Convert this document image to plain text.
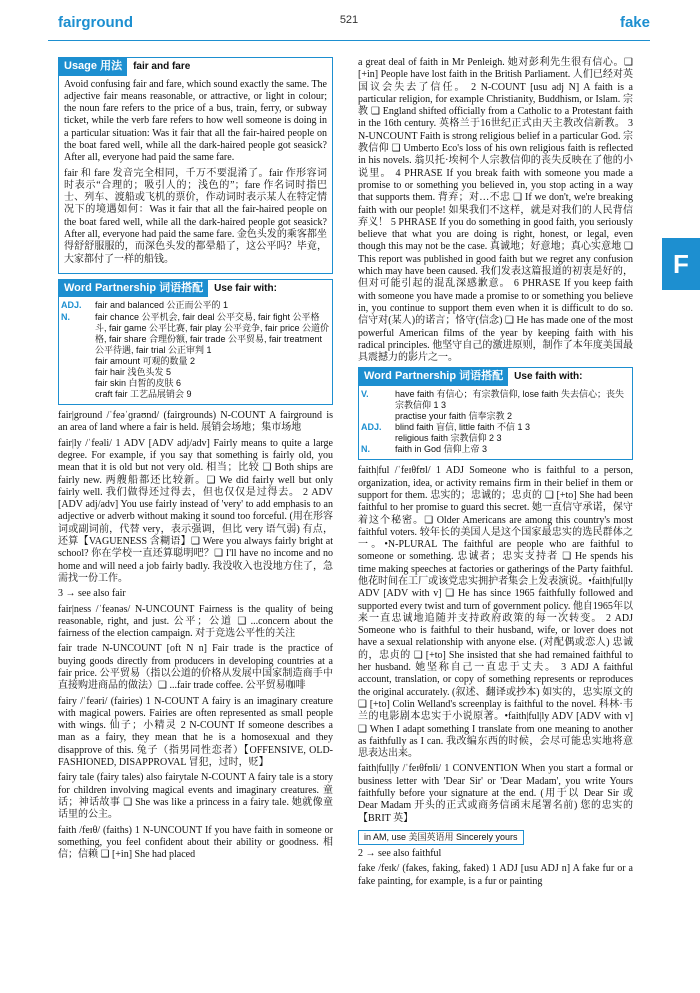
fairground	521	fake
F
Usage 用法	fair and fare

Avoid confusing fair and fare, which sound exactly the same. The adjective fair means reasonable, or attractive, or light in colour; the noun fare refers to the price of a bus, train, ferry, or subway ticket, while the verb fare refers to how well someone is doing in a particular situation: Was it fair that all the fair-haired people on the boat fared well, while all the dark-haired people got seasick? After all, everyone had paid the same fare.

fair 和 fare 发音完全相同，千万不要混淆了。fair 作形容词时表示“合理的；吸引人的；浅色的”；fare 作名词时指巴士、列车、渡船或飞机的票价，作动词时表示某人在特定情况下的境遇如何：Was it fair that all the fair-haired people on the boat fared well, while all the dark-haired people got seasick? After all, everyone had paid the same fare. 金色头发的乘客都坐得舒舒服服的，而深色头发的都晕船了，这公平吗？毕竟，大家都付了一样的船钱。

Word Partnership 词语搭配	Use fair with:
ADJ.	fair and balanced 公正而公平的 1
N.	fair chance 公平机会, fair deal 公平交易, fair fight 公平格斗, fair game 公平比赛, fair play 公平竞争, fair price 公道价格, fair share 合理份额, fair trade 公平贸易, fair treatment 公平待遇, fair trial 公正审判 1
	fair amount 可观的数量 2
	fair hair 浅色头发 5
	fair skin 白皙的皮肤 6
	craft fair 工艺品展销会 9

fair|ground /ˈfeəˈɡraʊnd/ (fairgrounds) N-COUNT A fairground is an area of land where a fair is held. 展销会场地；集市场地

fair|ly /ˈfeəli/ 1 ADV [ADV adj/adv] Fairly means to quite a large degree. For example, if you say that something is fairly old, you mean that it is old but not very old. 相当；比较 ❑ Both ships are fairly new. 两艘船都还比较新。❑ We did fairly well but only fairly well. 我们做得还过得去，但也仅仅是过得去。 2 ADV [ADV adj/adv] You use fairly instead of 'very' to add emphasis to an adjective or adverb without making it sound too forceful. (用在形容词或副词前，代替 very，表示强调，但比 very 语气弱) 有点，还算【VAGUENESS 含糊语】❑ Were you always fairly bright at school? 你在学校一直还算聪明吧？❑ I'll have no income and no home and will need a job fairly badly. 我没收入也没地方住了，急需找一份工作。

3 → see also fair

fair|ness /ˈfeənəs/ N-UNCOUNT Fairness is the quality of being reasonable, right, and just. 公平；公道 ❑ ...concern about the fairness of the election campaign. 对于竞选公平性的关注

fair trade N-UNCOUNT [oft N n] Fair trade is the practice of buying goods directly from producers in developing countries at a fair price. 公平贸易（指以公道的价格从发展中国家制造商手中直接购进商品的做法）❑ ...fair trade coffee. 公平贸易咖啡

fairy /ˈfeəri/ (fairies) 1 N-COUNT A fairy is an imaginary creature with magical powers. Fairies are often represented as small people with wings. 仙子；小精灵 2 N-COUNT If someone describes a man as a fairy, they mean that he is a homosexual and they disapprove of this. 兔子（指男同性恋者）【OFFENSIVE, OLD-FASHIONED, DISAPPROVAL 冒犯，过时，贬】

fairy tale (fairy tales) also fairytale N-COUNT A fairy tale is a story for children involving magical events and imaginary creatures. 童话；神话故事 ❑ She was like a princess in a fairy tale. 她就像童话里的公主。

faith /feɪθ/ (faiths) 1 N-UNCOUNT If you have faith in someone or something, you feel confident about their ability or goodness. 相信；信赖 ❑ [+in] She had placed

a great deal of faith in Mr Penleigh. 她对彭利先生很有信心。❑ [+in] People have lost faith in the British Parliament. 人们已经对英国议会失去了信任。 2 N-COUNT [usu adj N] A faith is a particular religion, for example Christianity, Buddhism, or Islam. 宗教 ❑ England shifted officially from a Catholic to a Protestant faith in the 16th century. 英格兰于16世纪正式由天主教改信新教。 3 N-UNCOUNT Faith is strong religious belief in a particular God. 宗教信仰 ❑ Umberto Eco's loss of his own religious faith is reflected in his novels. 翁贝托·埃柯个人宗教信仰的丧失反映在了他的小说里。 4 PHRASE If you break faith with someone you made a promise to or something you believed in, you stop acting in a way that supports them. 背弃；对…不忠 ❑ If we don't, we're breaking faith with our people! 如果我们不这样，就是对我们的人民背信弃义！ 5 PHRASE If you do something in good faith, you seriously believe that what you are doing is right, honest, or legal, even though this may not be the case. 真诚地；好意地；真心实意地 ❑ This report was published in good faith but we regret any confusion which may have been caused. 我们发表这篇报道的初衷是好的，但对可能引起的混乱深感歉意。 6 PHRASE If you keep faith with someone you have made a promise to or something you believe in, you continue to support them even when it is difficult to do so. 信守对(某人)的诺言；恪守(信念) ❑ He has made one of the most powerful American films of the year by keeping faith with his radical principles. 他坚守自己的激进原则，制作了本年度美国最具震撼力的影片之一。

Word Partnership 词语搭配	Use faith with:
V.	have faith 有信心；有宗教信仰, lose faith 失去信心；丧失宗教信仰 1 3
	practise your faith 信奉宗教 2
ADJ.	blind faith 盲信, little faith 不信 1 3
	religious faith 宗教信仰 2 3
N.	faith in God 信仰上帝 3

faith|ful /ˈfeɪθfʊl/ 1 ADJ Someone who is faithful to a person, organization, idea, or activity remains firm in their belief in them or support for them. 忠实的；忠诚的；忠贞的 ❑ [+to] She had been faithful to her promise to guard this secret. 她一直信守承诺，保守着这个秘密。❑ Older Americans are among this country's most faithful voters. 较年长的美国人是这个国家最忠实的选民群体之一。•N-PLURAL The faithful are people who are faithful to someone or something. 忠诚者；忠实支持者 ❑ He spends his time making speeches at factories or gatherings of the Party faithful. 他花时间在工厂或该党忠实拥护者集会上发表演说。•faith|ful|ly ADV [ADV with v] ❑ He has since 1965 faithfully followed and supported every twist and turn of government policy. 他自1965年以来一直忠诚地追随并支持政府政策的每一次转变。 2 ADJ Someone who is faithful to their husband, wife, or lover does not have a sexual relationship with anyone else. (对配偶或恋人) 忠诚的，忠贞的 ❑ [+to] She insisted that she had remained faithful to her husband. 她坚称自己一直忠于丈夫。 3 ADJ A faithful account, translation, or copy of something represents or reproduces the original accurately. (叙述、翻译或抄本) 如实的，忠实原文的 ❑ [+to] Colin Welland's screenplay is faithful to the novel. 科林·韦兰的电影剧本忠实于小说原著。•faith|ful|ly ADV [ADV with v] ❑ When I adapt something I translate from one meaning to another as faithfully as I can. 我改编东西的时候，会尽可能忠实地将意思表达出来。

faith|ful|ly /ˈfeɪθfʊli/ 1 CONVENTION When you start a formal or business letter with 'Dear Sir' or 'Dear Madam', you write Yours faithfully before your signature at the end. (用于以 Dear Sir 或 Dear Madam 开头的正式或商务信函末尾署名前) 您的忠实的【BRIT 英】

in AM, use 美国英语用 Sincerely yours

2 → see also faithful

fake /feɪk/ (fakes, faking, faked) 1 ADJ [usu ADJ n] A fake fur or a fake painting, for example, is a fur or painting
